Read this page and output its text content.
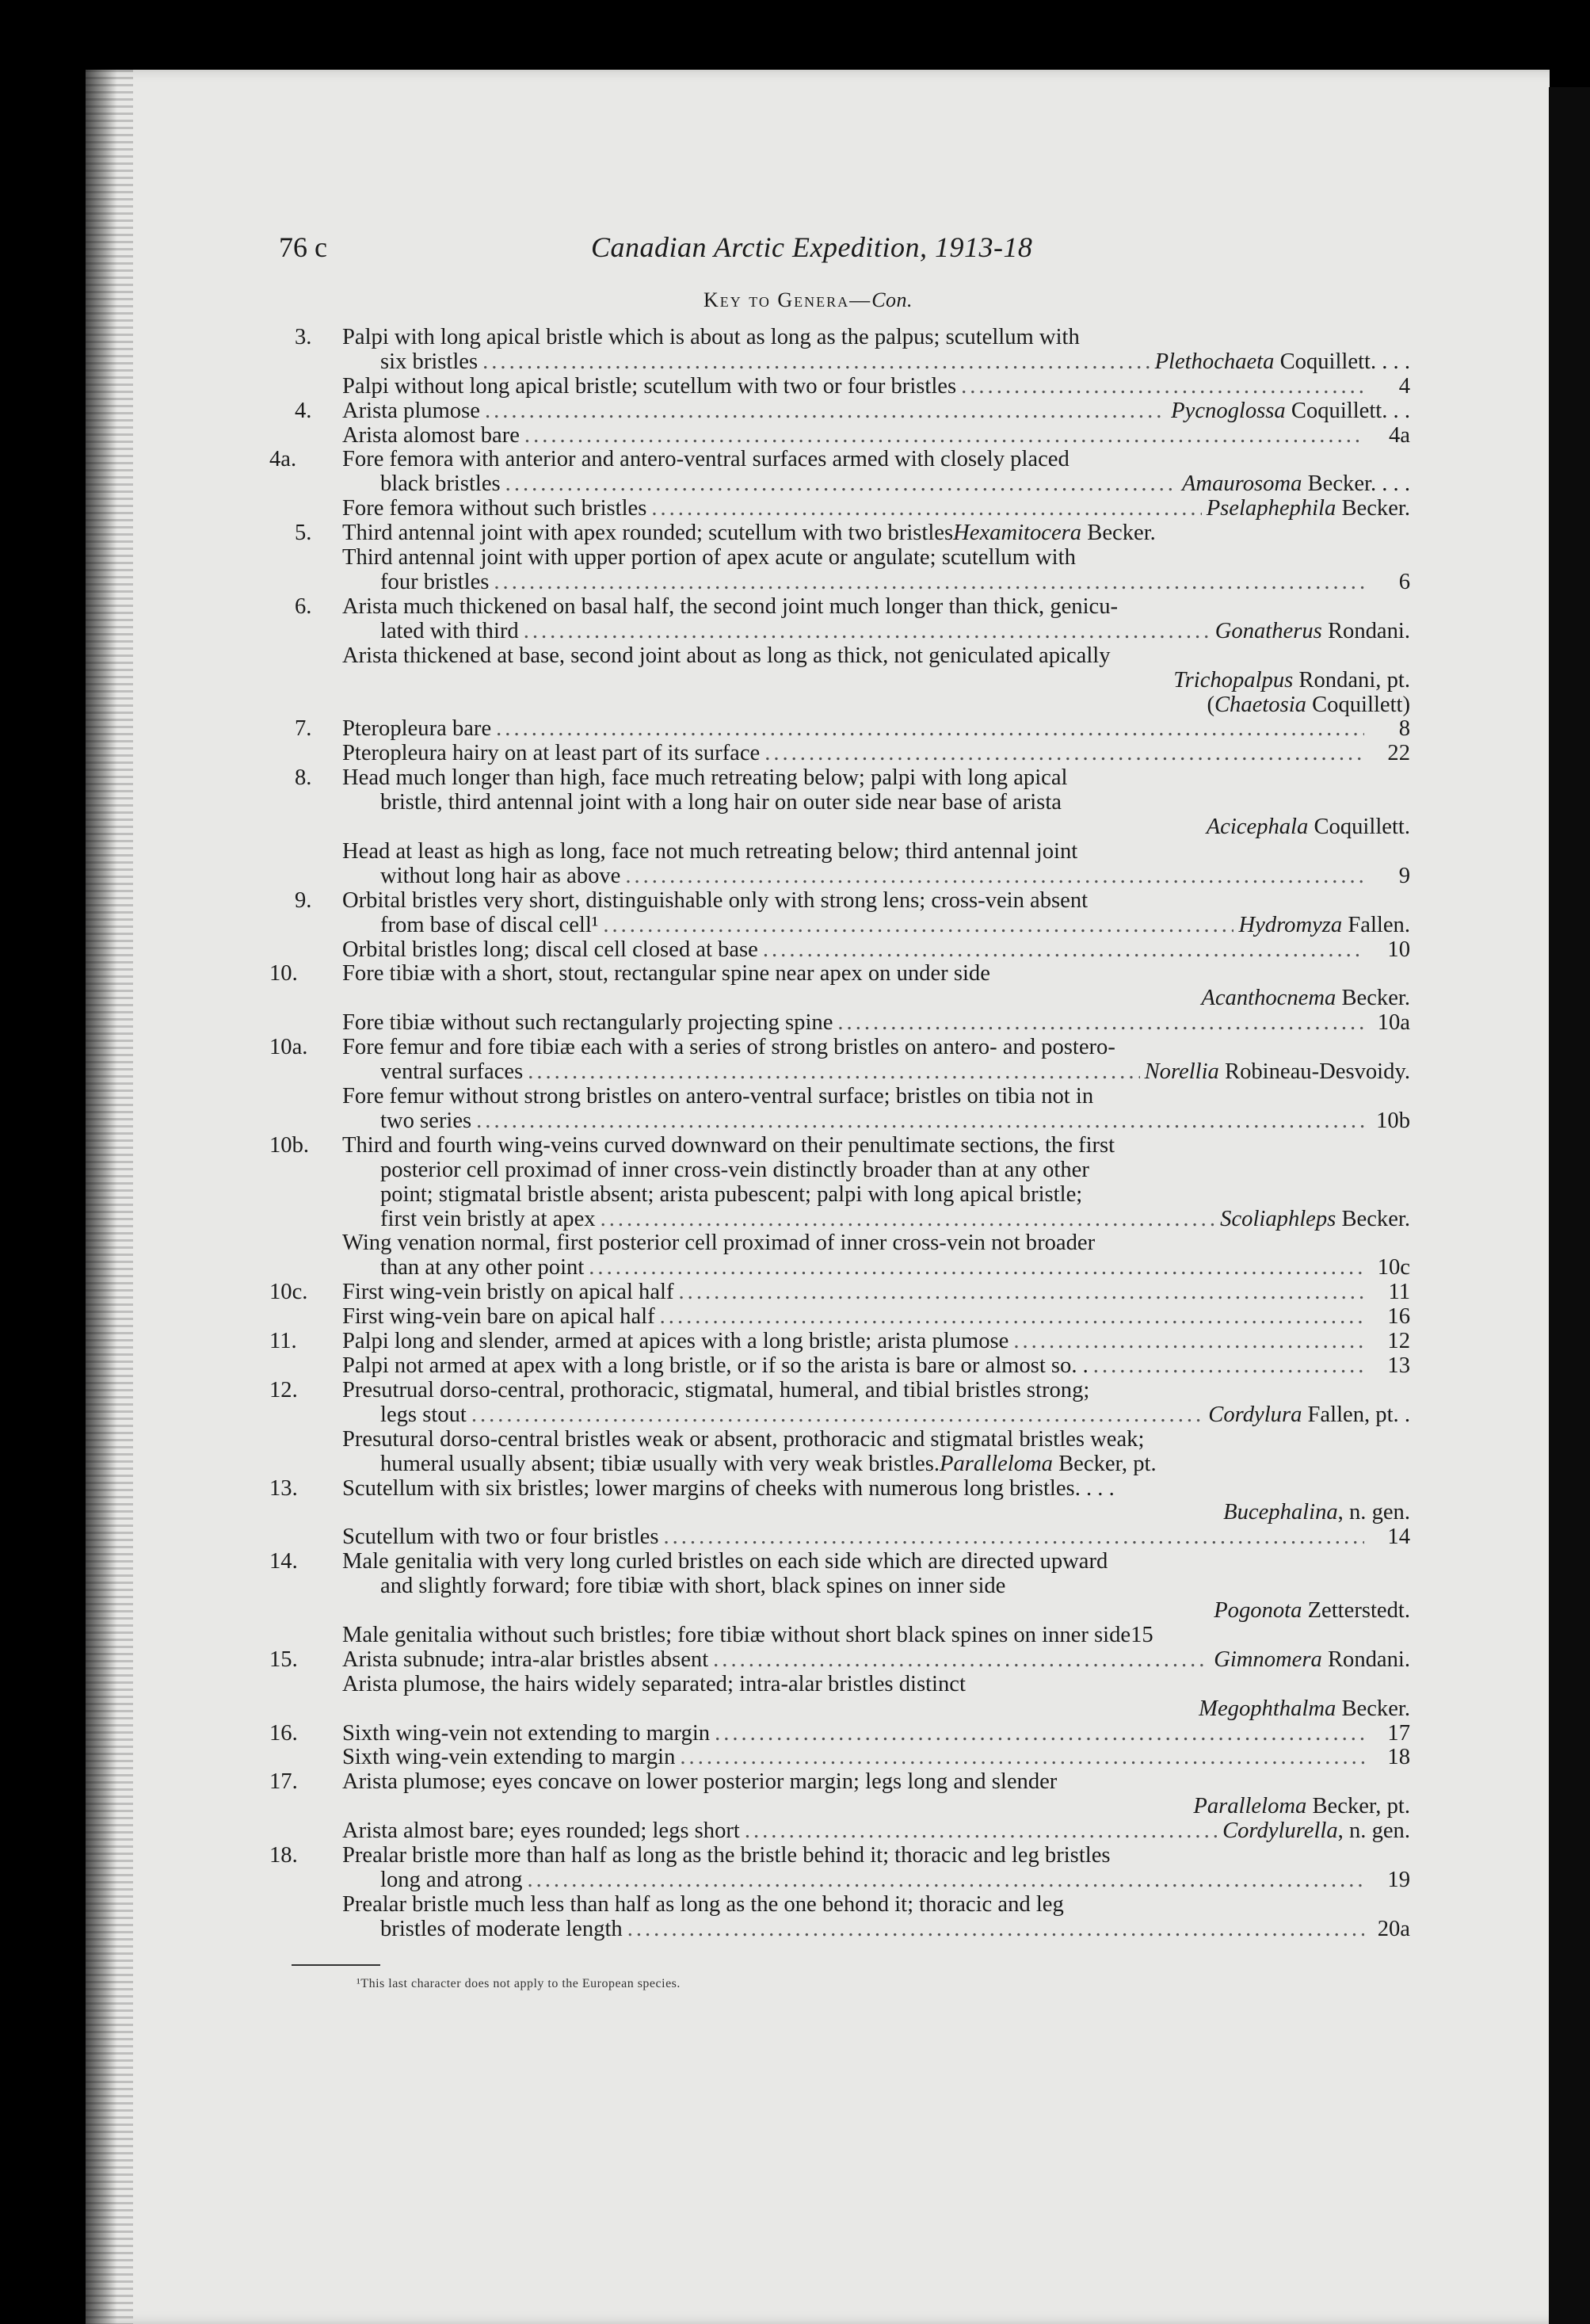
76 c	Canadian Arctic Expedition, 1913-18
Key to Genera—Con.
3.	Palpi with long apical bristle which is about as long as the palpus; scutellum with
six bristles .....	Plethochaeta Coquillett. . . .
Palpi without long apical bristle; scutellum with two or four bristles .....	4
4.	Arista plumose .....	Pycnoglossa Coquillett. . .
Arista alomost bare .....	4a
4a.	Fore femora with anterior and antero-ventral surfaces armed with closely placed
black bristles .....	Amaurosoma Becker. . . .
Fore femora without such bristles .....	Pselaphephila Becker.
5.	Third antennal joint with apex rounded; scutellum with two bristles Hexamitocera Becker.
Third antennal joint with upper portion of apex acute or angulate; scutellum with
four bristles .....	6
6.	Arista much thickened on basal half, the second joint much longer than thick, genicu-
lated with third .....	Gonatherus Rondani.
Arista thickened at base, second joint about as long as thick, not geniculated apically
Trichopalpus Rondani, pt.
(Chaetosia Coquillett)
7.	Pteropleura bare .....	8
Pteropleura hairy on at least part of its surface .....	22
8.	Head much longer than high, face much retreating below; palpi with long apical
bristle, third antennal joint with a long hair on outer side near base of arista
Acicephala Coquillett.
Head at least as high as long, face not much retreating below; third antennal joint
without long hair as above .....	9
9.	Orbital bristles very short, distinguishable only with strong lens; cross-vein absent
from base of discal cell¹ .....	Hydromyza Fallen.
Orbital bristles long; discal cell closed at base .....	10
10.	Fore tibiæ with a short, stout, rectangular spine near apex on under side
Acanthocnema Becker.
Fore tibiæ without such rectangularly projecting spine .....	10a
10a.	Fore femur and fore tibiæ each with a series of strong bristles on antero- and postero-
ventral surfaces .....	Norellia Robineau-Desvoidy.
Fore femur without strong bristles on antero-ventral surface; bristles on tibia not in
two series .....	10b
10b.	Third and fourth wing-veins curved downward on their penultimate sections, the first
posterior cell proximad of inner cross-vein distinctly broader than at any other
point; stigmatal bristle absent; arista pubescent; palpi with long apical bristle;
first vein bristly at apex .....	Scoliaphleps Becker.
Wing venation normal, first posterior cell proximad of inner cross-vein not broader
than at any other point .....	10c
10c.	First wing-vein bristly on apical half .....	11
First wing-vein bare on apical half .....	16
11.	Palpi long and slender, armed at apices with a long bristle; arista plumose .....	12
Palpi not armed at apex with a long bristle, or if so the arista is bare or almost so. . .....	13
12.	Presutrual dorso-central, prothoracic, stigmatal, humeral, and tibial bristles strong;
legs stout .....	Cordylura Fallen, pt. .
Presutural dorso-central bristles weak or absent, prothoracic and stigmatal bristles weak;
humeral usually absent; tibiæ usually with very weak bristles. Paralleloma Becker, pt.
13.	Scutellum with six bristles; lower margins of cheeks with numerous long bristles. . . .
Bucephalina, n. gen.
Scutellum with two or four bristles .....	14
14.	Male genitalia with very long curled bristles on each side which are directed upward
and slightly forward; fore tibiæ with short, black spines on inner side
Pogonota Zetterstedt.
Male genitalia without such bristles; fore tibiæ without short black spines on inner side 15
15.	Arista subnude; intra-alar bristles absent .....	Gimnomera Rondani.
Arista plumose, the hairs widely separated; intra-alar bristles distinct
Megophthalma Becker.
16.	Sixth wing-vein not extending to margin .....	17
Sixth wing-vein extending to margin .....	18
17.	Arista plumose; eyes concave on lower posterior margin; legs long and slender
Paralleloma Becker, pt.
Arista almost bare; eyes rounded; legs short .....	Cordylurella, n. gen.
18.	Prealar bristle more than half as long as the bristle behind it; thoracic and leg bristles
long and atrong .....	19
Prealar bristle much less than half as long as the one behond it; thoracic and leg
bristles of moderate length .....	20a
¹This last character does not apply to the European species.
